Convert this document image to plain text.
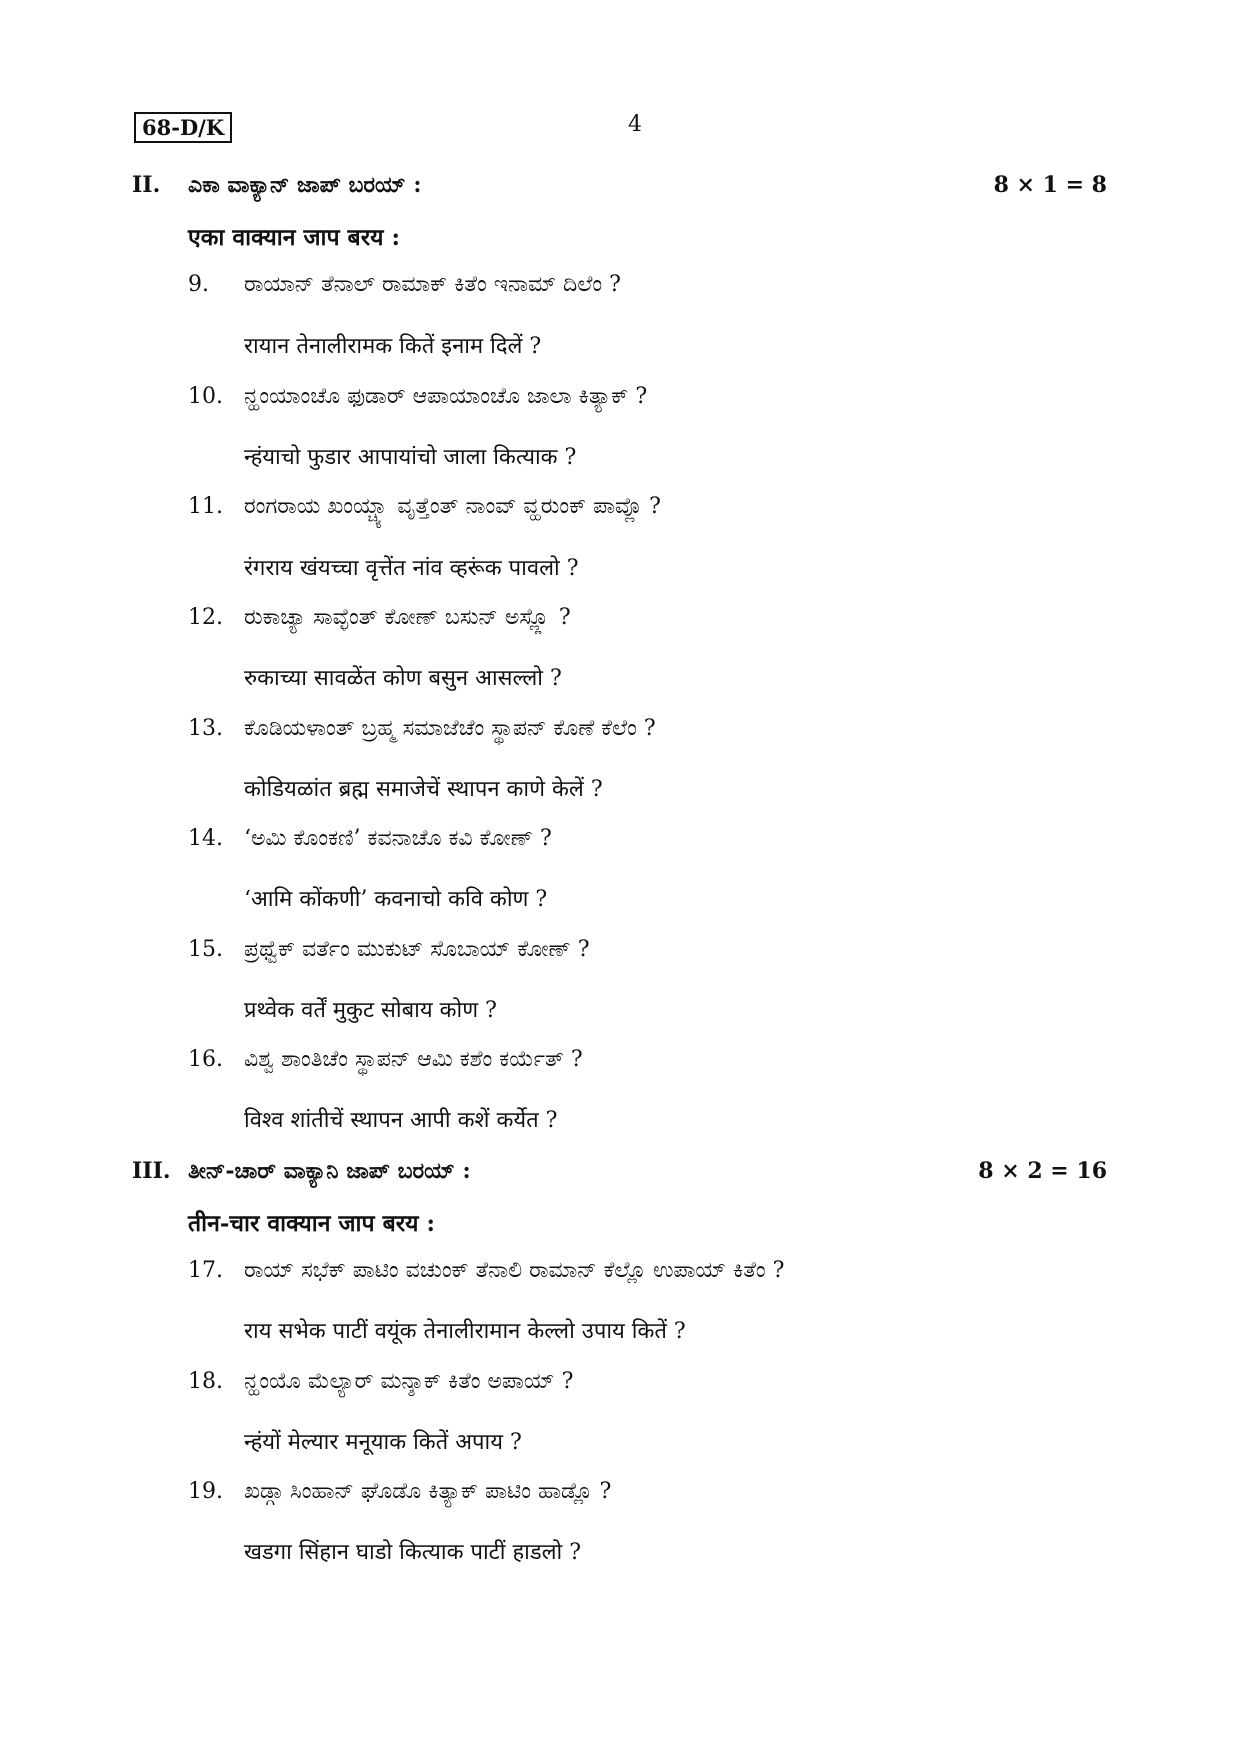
68-D/K	4
II. ಎಕಾ ವಾಕ್ಯಾನ್ ಜಾಪ್ ಬರಯ್ :	8 × 1 = 8
एका वाक्यान जाप बरय :
9. ರಾಯಾನ್ ತೆನಾಲ್ ರಾಮಾಕ್ ಕಿತೆಂ ಇನಾಮ್ ದಿಲೆಂ ?
रायान तेनालीरामक कितें इनाम दिलें ?
10. ನ್ಹಂಯಾಂಚೊ ಫುಡಾರ್ ಆಪಾಯಾಂಚೊ ಜಾಲಾ ಕಿತ್ಯಾಕ್ ?
न्हंयाचो फुडार आपायांचो जाला कित्याक ?
11. ರಂಗರಾಯ ಖಂಯ್ಚ್ಯಾ ವೃತ್ತೆಂತ್ ನಾಂವ್ ವ್ಹರುಂಕ್ ಪಾವ್ಲೊ ?
रंगराय खंयच्चा वृत्तेंत नांव व्हरूंक पावलो ?
12. ರುಕಾಚ್ಯಾ ಸಾವ್ಳೆಂತ್ ಕೋಣ್ ಬಸುನ್ ಅಸ್ಲ್ಲೊ ?
रुकाच्या सावळेंत कोण बसुन आसल्लो ?
13. ಕೊಡಿಯಳಾಂತ್ ಬ್ರಹ್ಮ ಸಮಾಜೆಚೆಂ ಸ್ಥಾಪನ್ ಕೊಣೆ ಕೆಲೆಂ ?
कोडियळांत ब्रह्म समाजेचें स्थापन काणे केलें ?
14. ‘ಅಮಿ ಕೊಂಕಣಿ’ ಕವನಾಚೊ ಕವಿ ಕೋಣ್ ?
‘आमि कोंकणी’ कवनाचो कवि कोण ?
15. ಪ್ರಥ್ವೆಕ್ ವರ್ತೆಂ ಮುಕುಟ್ ಸೊಬಾಯ್ ಕೋಣ್ ?
प्रथ्वेक वर्तें मुकुट सोबाय कोण ?
16. ವಿಶ್ವ ಶಾಂತಿಚೆಂ ಸ್ಥಾಪನ್ ಆಮಿ ಕಶೆಂ ಕರ್ಯೆತ್ ?
विश्व शांतीचें स्थापन आपी कशें कर्येत ?
III. ತೀನ್-ಚಾರ್ ವಾಕ್ಯಾನಿ ಜಾಪ್ ಬರಯ್ :	8 × 2 = 16
तीन-चार वाक्यान जाप बरय :
17. ರಾಯ್ ಸಭೆಕ್ ಪಾಟಿಂ ವಚುಂಕ್ ತೆನಾಲಿ ರಾಮಾನ್ ಕೆಲ್ಲೊ ಉಪಾಯ್ ಕಿತೆಂ ?
राय सभेक पाटीं वयूंक तेनालीरामान केल्लो उपाय कितें ?
18. ನ್ಹಂಯೊ ಮೆಲ್ಯಾರ್ ಮನ್ಶಾಕ್ ಕಿತೆಂ ಅಪಾಯ್ ?
न्हंयों मेल्यार मनूयाक कितें अपाय ?
19. ಖಡ್ಗಾ ಸಿಂಹಾನ್ ಘೊಡೊ ಕಿತ್ಯಾಕ್ ಪಾಟಿಂ ಹಾಡ್ಲೊ ?
खडगा सिंहान घाडो कित्याक पाटीं हाडलो ?
